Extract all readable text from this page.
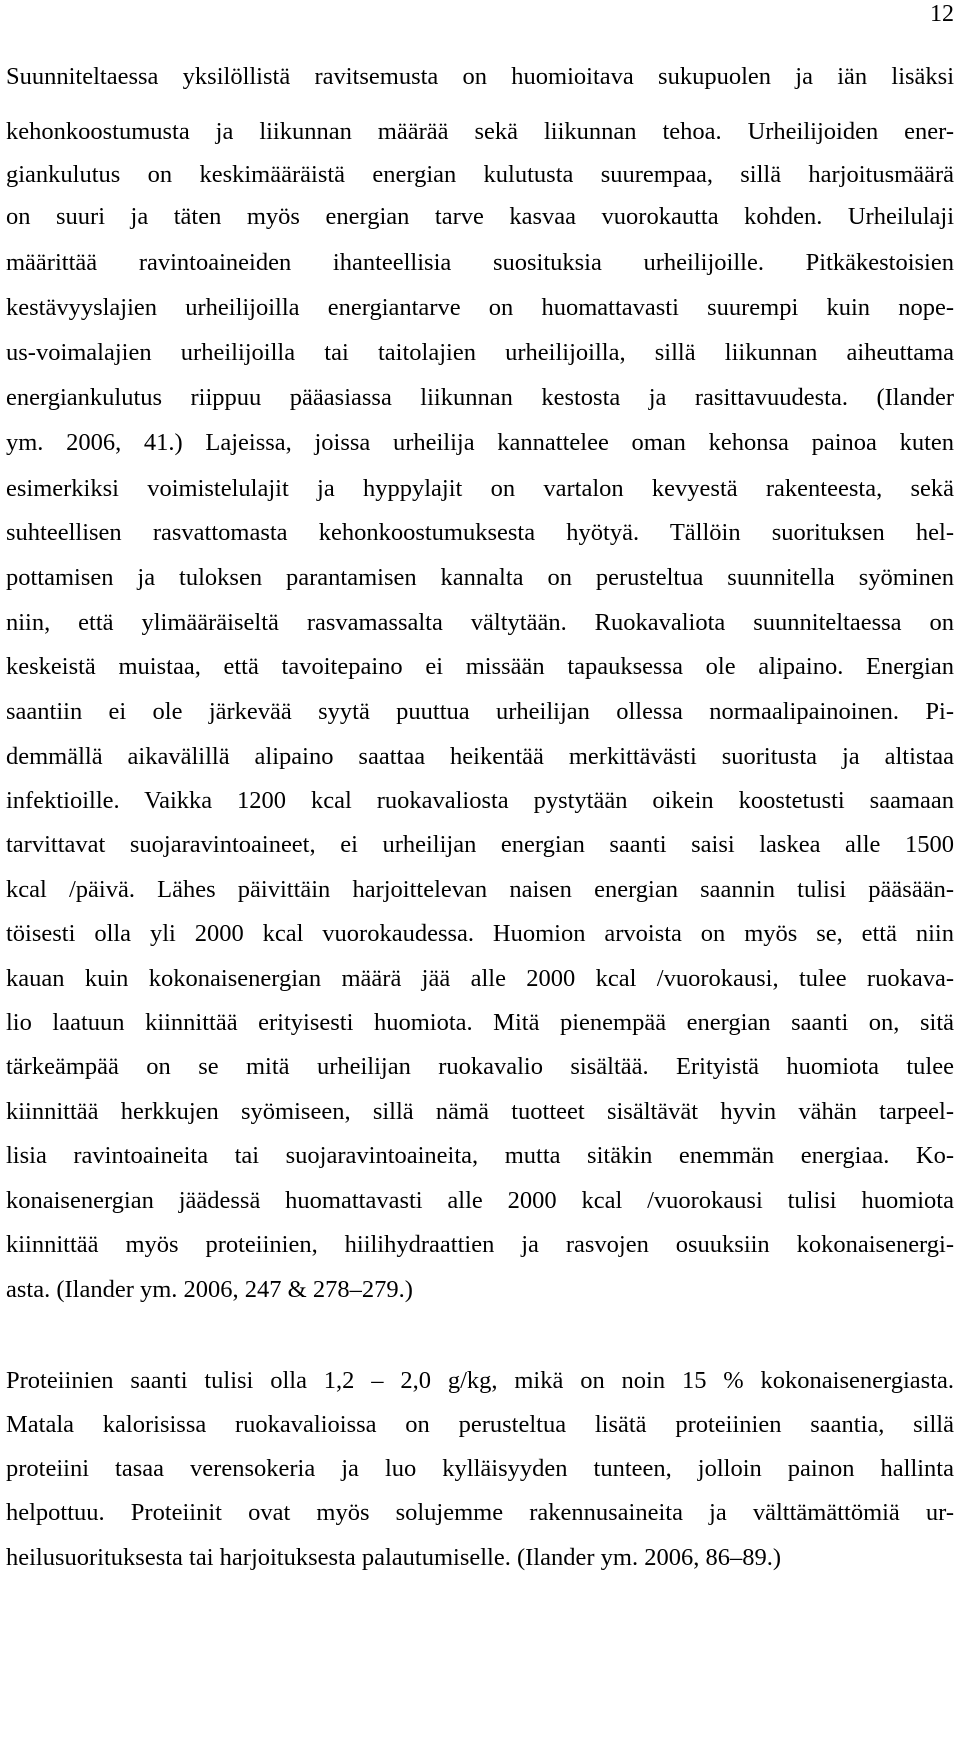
12
Suunniteltaessa yksilöllistä ravitsemusta on huomioitava sukupuolen ja iän lisäksi
kehonkoostumusta ja liikunnan määrää sekä liikunnan tehoa. Urheilijoiden ener-
giankulutus on keskimääräistä energian kulutusta suurempaa, sillä harjoitusmäärä
on suuri ja täten myös energian tarve kasvaa vuorokautta kohden. Urheilulaji
määrittää ravintoaineiden ihanteellisia suosituksia urheilijoille. Pitkäkestoisien
kestävyyslajien urheilijoilla energiantarve on huomattavasti suurempi kuin nope-
us-voimalajien urheilijoilla tai taitolajien urheilijoilla, sillä liikunnan aiheuttama
energiankulutus riippuu pääasiassa liikunnan kestosta ja rasittavuudesta. (Ilander
ym. 2006, 41.) Lajeissa, joissa urheilija kannattelee oman kehonsa painoa kuten
esimerkiksi voimistelulajit ja hyppylajit on vartalon kevyestä rakenteesta, sekä
suhteellisen rasvattomasta kehonkoostumuksesta hyötyä. Tällöin suorituksen hel-
pottamisen ja tuloksen parantamisen kannalta on perusteltua suunnitella syöminen
niin, että ylimääräiseltä rasvamassalta vältytään. Ruokavaliota suunniteltaessa on
keskeistä muistaa, että tavoitepaino ei missään tapauksessa ole alipaino. Energian
saantiin ei ole järkevää syytä puuttua urheilijan ollessa normaalipainoinen. Pi-
demmällä aikavälillä alipaino saattaa heikentää merkittävästi suoritusta ja altistaa
infektioille. Vaikka 1200 kcal ruokavaliosta pystytään oikein koostetusti saamaan
tarvittavat suojaravintoaineet, ei urheilijan energian saanti saisi laskea alle 1500
kcal /päivä. Lähes päivittäin harjoittelevan naisen energian saannin tulisi pääsään-
töisesti olla yli 2000 kcal vuorokaudessa. Huomion arvoista on myös se, että niin
kauan kuin kokonaisenergian määrä jää alle 2000 kcal /vuorokausi, tulee ruokava-
lio laatuun kiinnittää erityisesti huomiota. Mitä pienempää energian saanti on, sitä
tärkeämpää on se mitä urheilijan ruokavalio sisältää. Erityistä huomiota tulee
kiinnittää herkkujen syömiseen, sillä nämä tuotteet sisältävät hyvin vähän tarpeel-
lisia ravintoaineita tai suojaravintoaineita, mutta sitäkin enemmän energiaa. Ko-
konaisenergian jäädessä huomattavasti alle 2000 kcal /vuorokausi tulisi huomiota
kiinnittää myös proteiinien, hiilihydraattien ja rasvojen osuuksiin kokonaisenergi-
asta. (Ilander ym. 2006, 247 & 278–279.)
Proteiinien saanti tulisi olla 1,2 – 2,0 g/kg, mikä on noin 15 % kokonaisenergiasta.
Matala kalorisissa ruokavalioissa on perusteltua lisätä proteiinien saantia, sillä
proteiini tasaa verensokeria ja luo kylläisyyden tunteen, jolloin painon hallinta
helpottuu. Proteiinit ovat myös solujemme rakennusaineita ja välttämättömiä ur-
heilusuorituksesta tai harjoituksesta palautumiselle. (Ilander ym. 2006, 86–89.)
